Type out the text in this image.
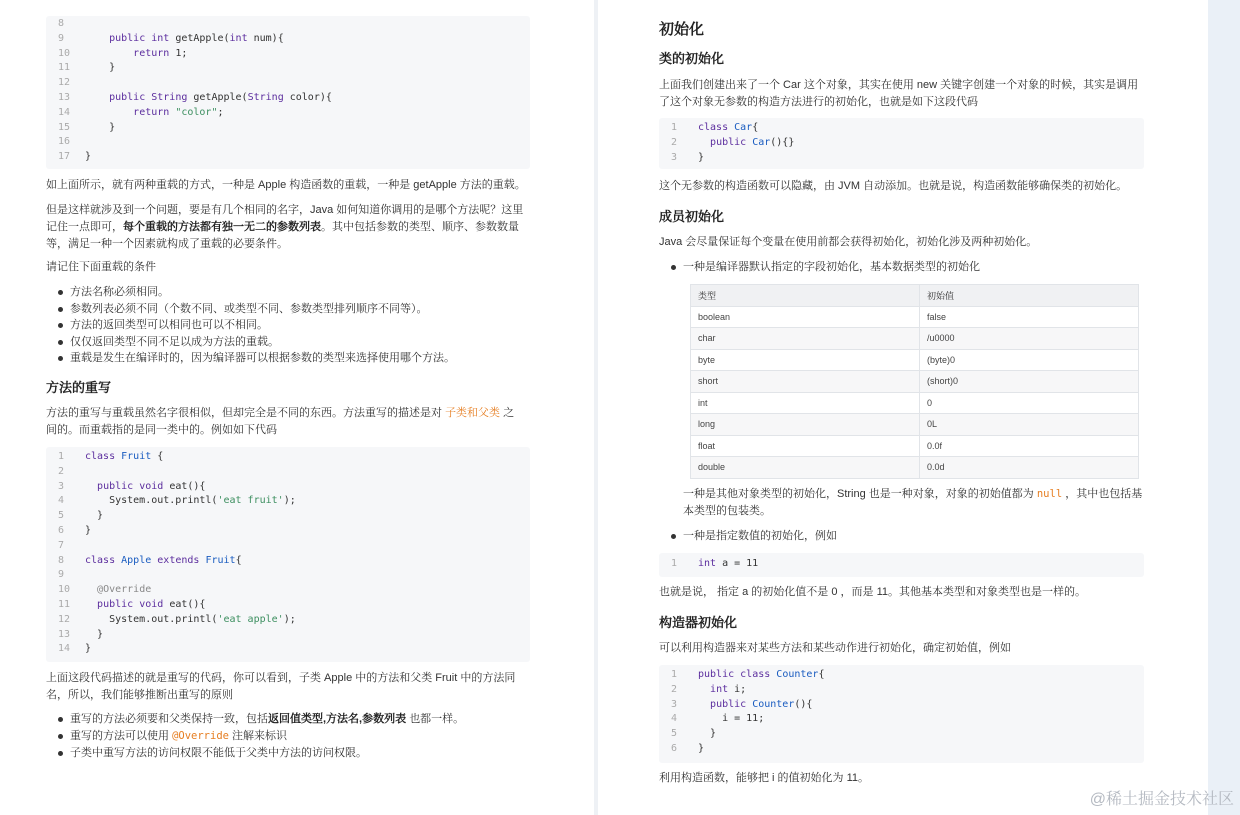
8
9	public int getApple(int num){
10	return 1;
11	}
12
13	public String getApple(String color){
14	return "color";
15	}
16
17	}
如上面所示，就有两种重载的方式，一种是 Apple 构造函数的重载，一种是 getApple 方法的重载。
但是这样就涉及到一个问题，要是有几个相同的名字，Java 如何知道你调用的是哪个方法呢？这里记住一点即可，每个重载的方法都有独一无二的参数列表。其中包括参数的类型、顺序、参数数量等，满足一种一个因素就构成了重载的必要条件。
请记住下面重载的条件
方法名称必须相同。
参数列表必须不同（个数不同、或类型不同、参数类型排列顺序不同等）。
方法的返回类型可以相同也可以不相同。
仅仅返回类型不同不足以成为方法的重载。
重载是发生在编译时的，因为编译器可以根据参数的类型来选择使用哪个方法。
方法的重写
方法的重写与重载虽然名字很相似，但却完全是不同的东西。方法重写的描述是对 子类和父类 之间的。而重载指的是同一类中的。例如如下代码
1	class Fruit {
2
3	public void eat(){
4	System.out.printl('eat fruit');
5	}
6	}
7
8	class Apple extends Fruit{
9
10	@Override
11	public void eat(){
12	System.out.printl('eat apple');
13	}
14	}
上面这段代码描述的就是重写的代码，你可以看到，子类 Apple 中的方法和父类 Fruit 中的方法同名，所以，我们能够推断出重写的原则
重写的方法必须要和父类保持一致，包括返回值类型,方法名,参数列表 也都一样。
重写的方法可以使用 @Override 注解来标识
子类中重写方法的访问权限不能低于父类中方法的访问权限。
初始化
类的初始化
上面我们创建出来了一个 Car 这个对象，其实在使用 new 关键字创建一个对象的时候，其实是调用了这个对象无参数的构造方法进行的初始化，也就是如下这段代码
1	class Car{
2	public Car(){}
3	}
这个无参数的构造函数可以隐藏，由 JVM 自动添加。也就是说，构造函数能够确保类的初始化。
成员初始化
Java 会尽量保证每个变量在使用前都会获得初始化，初始化涉及两种初始化。
一种是编译器默认指定的字段初始化，基本数据类型的初始化
类型	初始值
boolean	false
char	/u0000
byte	(byte)0
short	(short)0
int	0
long	0L
float	0.0f
double	0.0d
一种是其他对象类型的初始化，String 也是一种对象，对象的初始值都为 null ，其中也包括基本类型的包装类。
一种是指定数值的初始化，例如
1	int a = 11
也就是说， 指定 a 的初始化值不是 0 ，而是 11。其他基本类型和对象类型也是一样的。
构造器初始化
可以利用构造器来对某些方法和某些动作进行初始化，确定初始值，例如
1	public class Counter{
2	int i;
3	public Counter(){
4	i = 11;
5	}
6	}
利用构造函数，能够把 i 的值初始化为 11。
@稀土掘金技术社区
